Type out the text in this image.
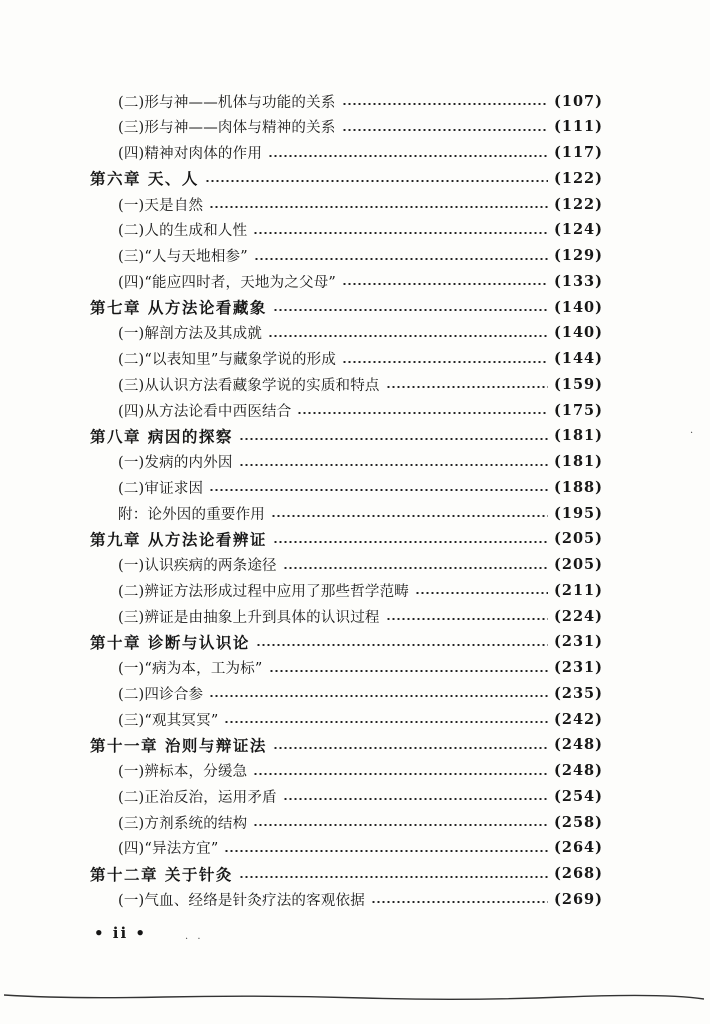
(二)形与神——机体与功能的关系	(107)
(三)形与神——肉体与精神的关系	(111)
(四)精神对肉体的作用	(117)
第六章 天、人	(122)
(一)天是自然	(122)
(二)人的生成和人性	(124)
(三)“人与天地相参”	(129)
(四)“能应四时者，天地为之父母”	(133)
第七章 从方法论看藏象	(140)
(一)解剖方法及其成就	(140)
(二)“以表知里”与藏象学说的形成	(144)
(三)从认识方法看藏象学说的实质和特点	(159)
(四)从方法论看中西医结合	(175)
第八章 病因的探察	(181)
(一)发病的内外因	(181)
(二)审证求因	(188)
附：论外因的重要作用	(195)
第九章 从方法论看辨证	(205)
(一)认识疾病的两条途径	(205)
(二)辨证方法形成过程中应用了那些哲学范畴	(211)
(三)辨证是由抽象上升到具体的认识过程	(224)
第十章 诊断与认识论	(231)
(一)“病为本，工为标”	(231)
(二)四诊合参	(235)
(三)“观其冥冥”	(242)
第十一章 治则与辩证法	(248)
(一)辨标本，分缓急	(248)
(二)正治反治，运用矛盾	(254)
(三)方剂系统的结构	(258)
(四)“异法方宜”	(264)
第十二章 关于针灸	(268)
(一)气血、经络是针灸疗法的客观依据	(269)
• ii •
·
· ·
